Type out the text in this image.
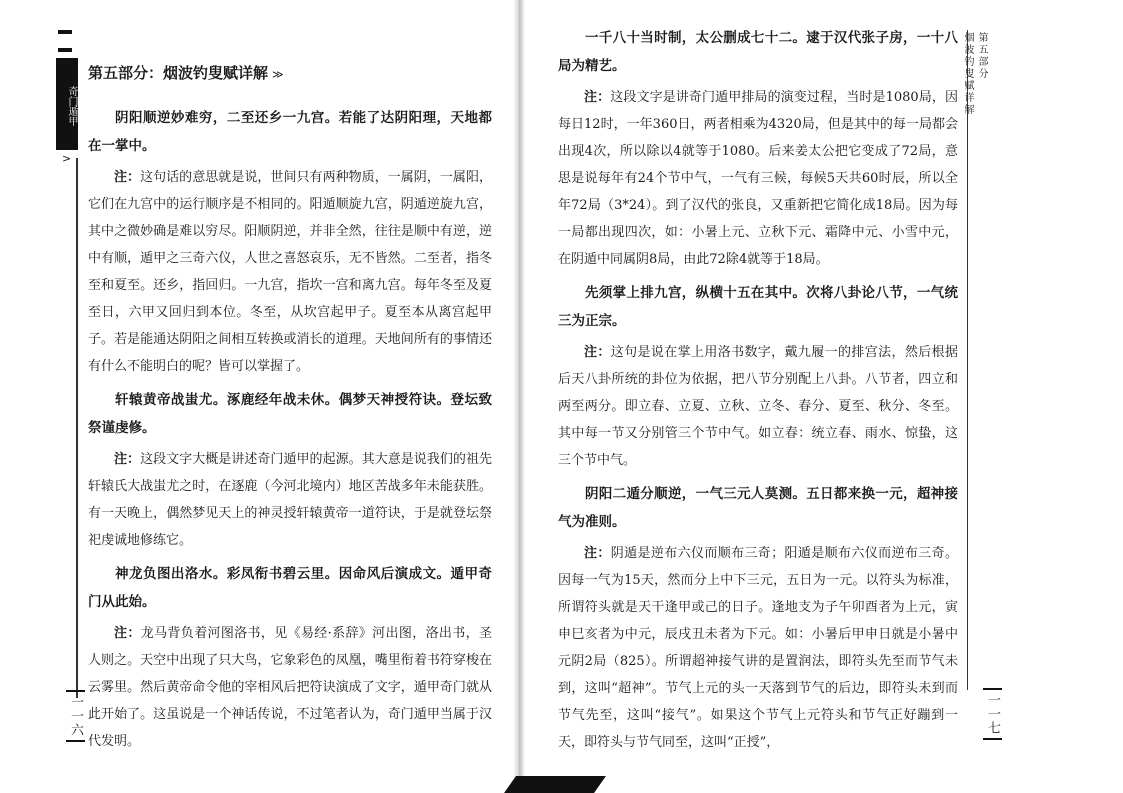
奇门遁甲
>
第五部分：烟波钓叟赋详解 ≫

阴阳顺逆妙难穷，二至还乡一九宫。若能了达阴阳理，天地都在一掌中。

注：这句话的意思就是说，世间只有两种物质，一属阴，一属阳，它们在九宫中的运行顺序是不相同的。阳遁顺旋九宫，阴遁逆旋九宫，其中之微妙确是难以穷尽。阳顺阴逆，并非全然，往往是顺中有逆，逆中有顺，遁甲之三奇六仪，人世之喜怒哀乐，无不皆然。二至者，指冬至和夏至。还乡，指回归。一九宫，指坎一宫和离九宫。每年冬至及夏至日，六甲又回归到本位。冬至，从坎宫起甲子。夏至本从离宫起甲子。若是能通达阴阳之间相互转换或消长的道理。天地间所有的事情还有什么不能明白的呢？皆可以掌握了。

轩辕黄帝战蚩尤。涿鹿经年战未休。偶梦天神授符诀。登坛致祭谨虔修。

注：这段文字大概是讲述奇门遁甲的起源。其大意是说我们的祖先轩辕氏大战蚩尤之时，在逐鹿（今河北境内）地区苦战多年未能获胜。有一天晚上，偶然梦见天上的神灵授轩辕黄帝一道符诀，于是就登坛祭祀虔诚地修练它。

神龙负图出洛水。彩凤衔书碧云里。因命风后演成文。遁甲奇门从此始。

注：龙马背负着河图洛书，见《易经·系辞》河出图，洛出书，圣人则之。天空中出现了只大鸟，它象彩色的凤凰，嘴里衔着书符穿梭在云雾里。然后黄帝命令他的宰相风后把符诀演成了文字，遁甲奇门就从此开始了。这虽说是一个神话传说，不过笔者认为，奇门遁甲当属于汉代发明。

一一六

一千八十当时制，太公删成七十二。逮于汉代张子房，一十八局为精艺。

注：这段文字是讲奇门遁甲排局的演变过程，当时是1080局，因每日12时，一年360日，两者相乘为4320局，但是其中的每一局都会出现4次，所以除以4就等于1080。后来姜太公把它变成了72局，意思是说每年有24个节中气，一气有三候，每候5天共60时辰，所以全年72局（3*24）。到了汉代的张良，又重新把它简化成18局。因为每一局都出现四次，如：小暑上元、立秋下元、霜降中元、小雪中元，在阴遁中同属阴8局，由此72除4就等于18局。

先须掌上排九宫，纵横十五在其中。次将八卦论八节，一气统三为正宗。

注：这句是说在掌上用洛书数字，戴九履一的排宫法，然后根据后天八卦所统的卦位为依据，把八节分别配上八卦。八节者，四立和两至两分。即立春、立夏、立秋、立冬、春分、夏至、秋分、冬至。其中每一节又分别管三个节中气。如立春：统立春、雨水、惊蛰，这三个节中气。

阴阳二遁分顺逆，一气三元人莫测。五日都来换一元，超神接气为准则。

注：阴遁是逆布六仪而顺布三奇；阳遁是顺布六仪而逆布三奇。因每一气为15天，然而分上中下三元，五日为一元。以符头为标准，所谓符头就是天干逢甲或己的日子。逢地支为子午卯酉者为上元，寅申巳亥者为中元，辰戌丑未者为下元。如：小暑后甲申日就是小暑中元阴2局（825）。所谓超神接气讲的是置润法，即符头先至而节气未到，这叫“超神”。节气上元的头一天落到节气的后边，即符头未到而节气先至，这叫“接气”。如果这个节气上元符头和节气正好蹦到一天，即符头与节气同至，这叫“正授”，

第五部分
烟波钓叟赋详解
一一七
